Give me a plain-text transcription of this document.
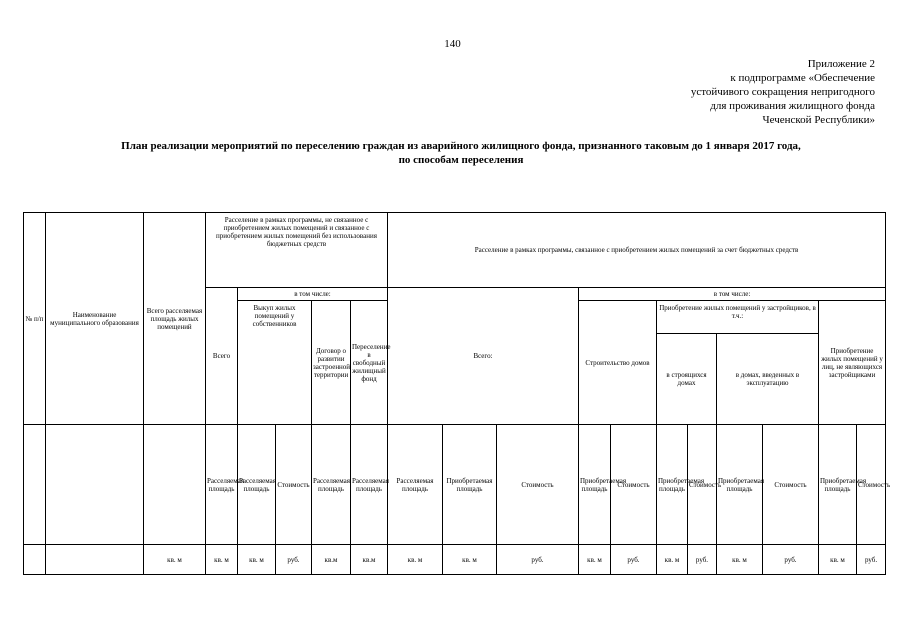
140
Приложение 2
к подпрограмме «Обеспечение
устойчивого сокращения непригодного
для проживания жилищного фонда
Чеченской Республики»
План реализации мероприятий по переселению граждан из аварийного жилищного фонда, признанного таковым до 1 января 2017 года,
по способам переселения
№ п/п	Наименование муниципального образования	Всего расселяемая площадь жилых помещений	Расселение в рамках программы, не связанное с приобретением жилых помещений и связанное с приобретением жилых помещений без использования бюджетных средств					Расселение в рамках программы, связанное с приобретением жилых помещений за счет бюджетных средств										
			Всего	в том числе:				Всего:			в том числе:							
				Выкуп жилых помещений у собственников		Договор о развитии застроенной территории	Переселение в свободный жилищный фонд				Строительство домов		Приобретение жилых помещений у застройщиков, в т.ч.:				Приобретение жилых помещений у лиц, не являющихся застройщиками	
													в строящихся домах		в домах, введенных в эксплуатацию			
			Расселяемая площадь	Расселяемая площадь	Стоимость	Расселяемая площадь	Расселяемая площадь	Расселяемая площадь	Приобретаемая площадь	Стоимость	Приобретаемая площадь	Стоимость	Приобретаемая площадь	Стоимость	Приобретаемая площадь	Стоимость	Приобретаемая площадь	Стоимость
		кв. м	кв. м	кв. м	руб.	кв.м	кв.м	кв. м	кв. м	руб.	кв. м	руб.	кв. м	руб.	кв. м	руб.	кв. м	руб.
